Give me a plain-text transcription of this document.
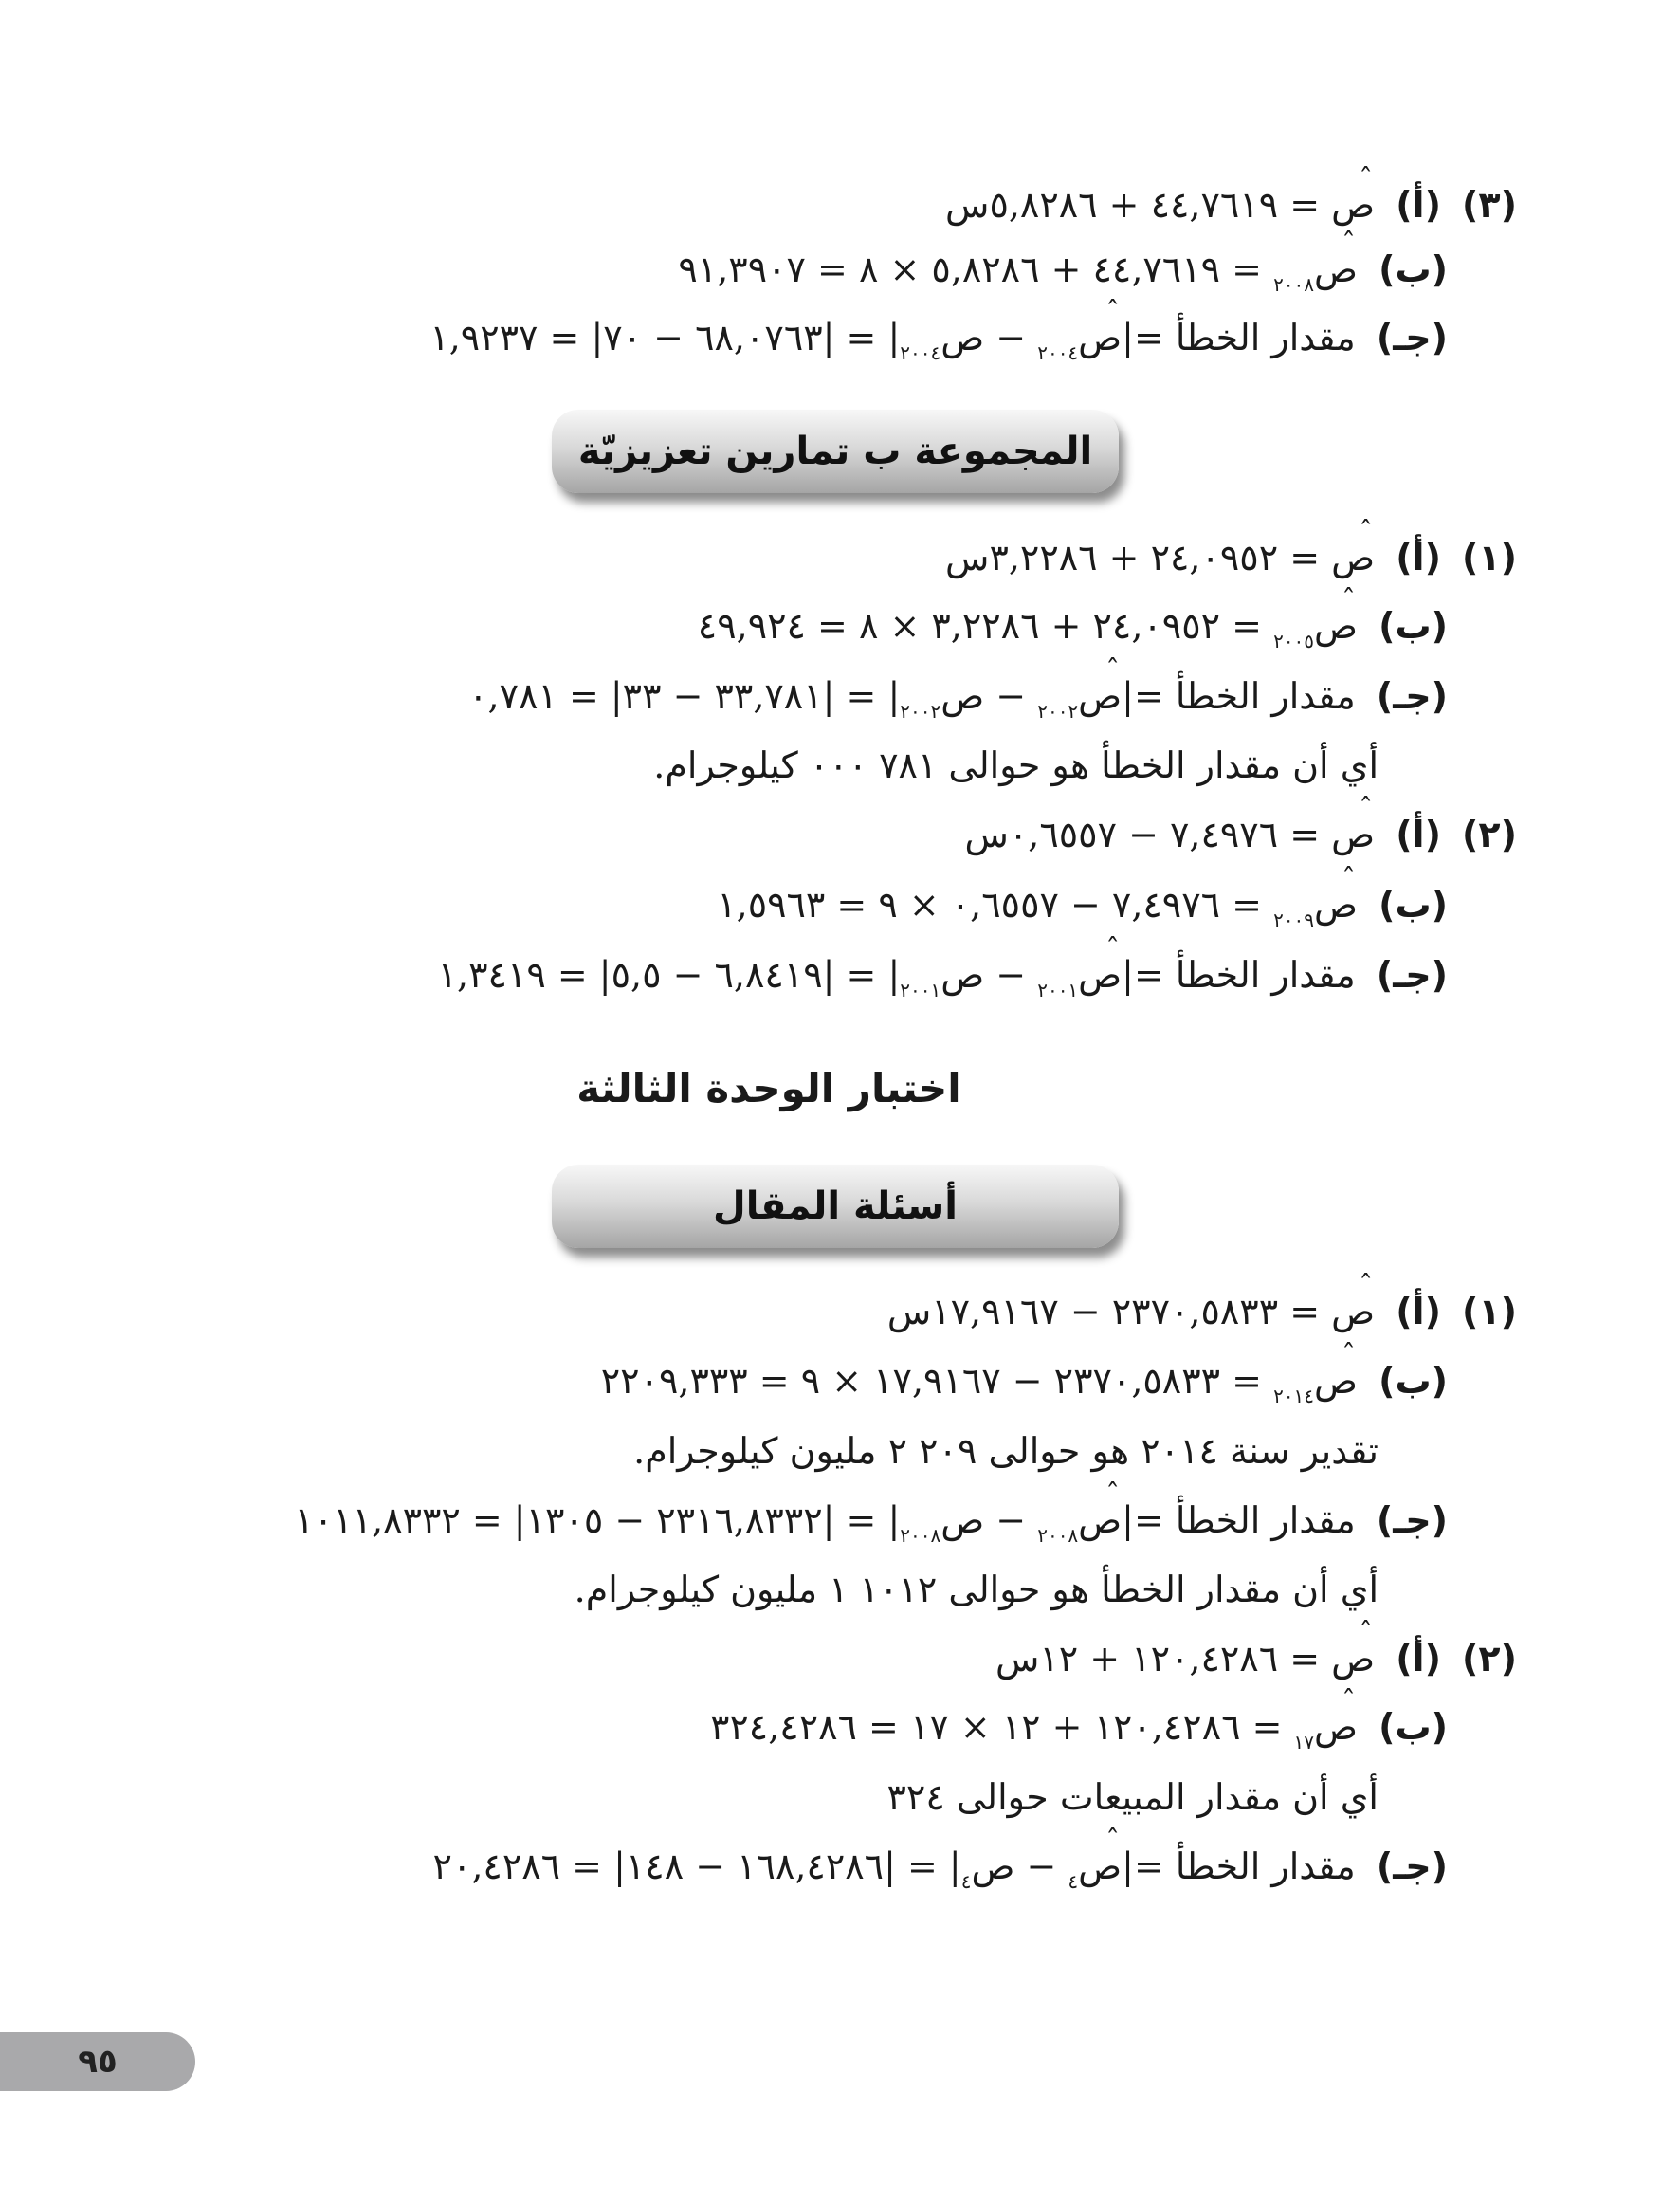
(٣) (أ) ˆ ص = ٤٤,٧٦١٩ + ٥,٨٢٨٦س
(ب) ˆ ص$_{٢٠٠٨}$ = ٤٤,٧٦١٩ + ٥,٨٢٨٦ × ٨ = ٩١,٣٩٠٧
(جـ) مقدار الخطأ =|ˆ ص$_{٢٠٠٤}$ − ص$_{٢٠٠٤}$| = |٦٨,٠٧٦٣ − ٧٠| = ١,٩٢٣٧
المجموعة ب تمارين تعزيزيّة
(١) (أ) ˆ ص = ٢٤,٠٩٥٢ + ٣,٢٢٨٦س
(ب) ˆ ص$_{٢٠٠٥}$ = ٢٤,٠٩٥٢ + ٣,٢٢٨٦ × ٨ = ٤٩,٩٢٤
(جـ) مقدار الخطأ =|ˆ ص$_{٢٠٠٢}$ − ص$_{٢٠٠٢}$| = |٣٣,٧٨١ − ٣٣| = ٠,٧٨١
أي أن مقدار الخطأ هو حوالى ٧٨١ ٠٠٠ كيلوجرام.
(٢) (أ) ˆ ص = ٧,٤٩٧٦ − ٠,٦٥٥٧س
(ب) ˆ ص$_{٢٠٠٩}$ = ٧,٤٩٧٦ − ٠,٦٥٥٧ × ٩ = ١,٥٩٦٣
(جـ) مقدار الخطأ =|ˆ ص$_{٢٠٠١}$ − ص$_{٢٠٠١}$| = |٦,٨٤١٩ − ٥,٥| = ١,٣٤١٩
اختبار الوحدة الثالثة
أسئلة المقال
(١) (أ) ˆ ص = ٢٣٧٠,٥٨٣٣ − ١٧,٩١٦٧س
(ب) ˆ ص$_{٢٠١٤}$ = ٢٣٧٠,٥٨٣٣ − ١٧,٩١٦٧ × ٩ = ٢٢٠٩,٣٣٣
تقدير سنة ٢٠١٤ هو حوالى ٢٠٩ ٢ مليون كيلوجرام.
(جـ) مقدار الخطأ =|ˆ ص$_{٢٠٠٨}$ − ص$_{٢٠٠٨}$| = |٢٣١٦,٨٣٣٢ − ١٣٠٥| = ١٠١١,٨٣٣٢
أي أن مقدار الخطأ هو حوالى ١٠١٢ ١ مليون كيلوجرام.
(٢) (أ) ˆ ص = ١٢٠,٤٢٨٦ + ١٢س
(ب) ˆ ص$_{١٧}$ = ١٢٠,٤٢٨٦ + ١٢ × ١٧ = ٣٢٤,٤٢٨٦
أي أن مقدار المبيعات حوالى ٣٢٤
(جـ) مقدار الخطأ =|ˆ ص$_٤$ − ص$_٤$| = |١٦٨,٤٢٨٦ − ١٤٨| = ٢٠,٤٢٨٦
٩٥
